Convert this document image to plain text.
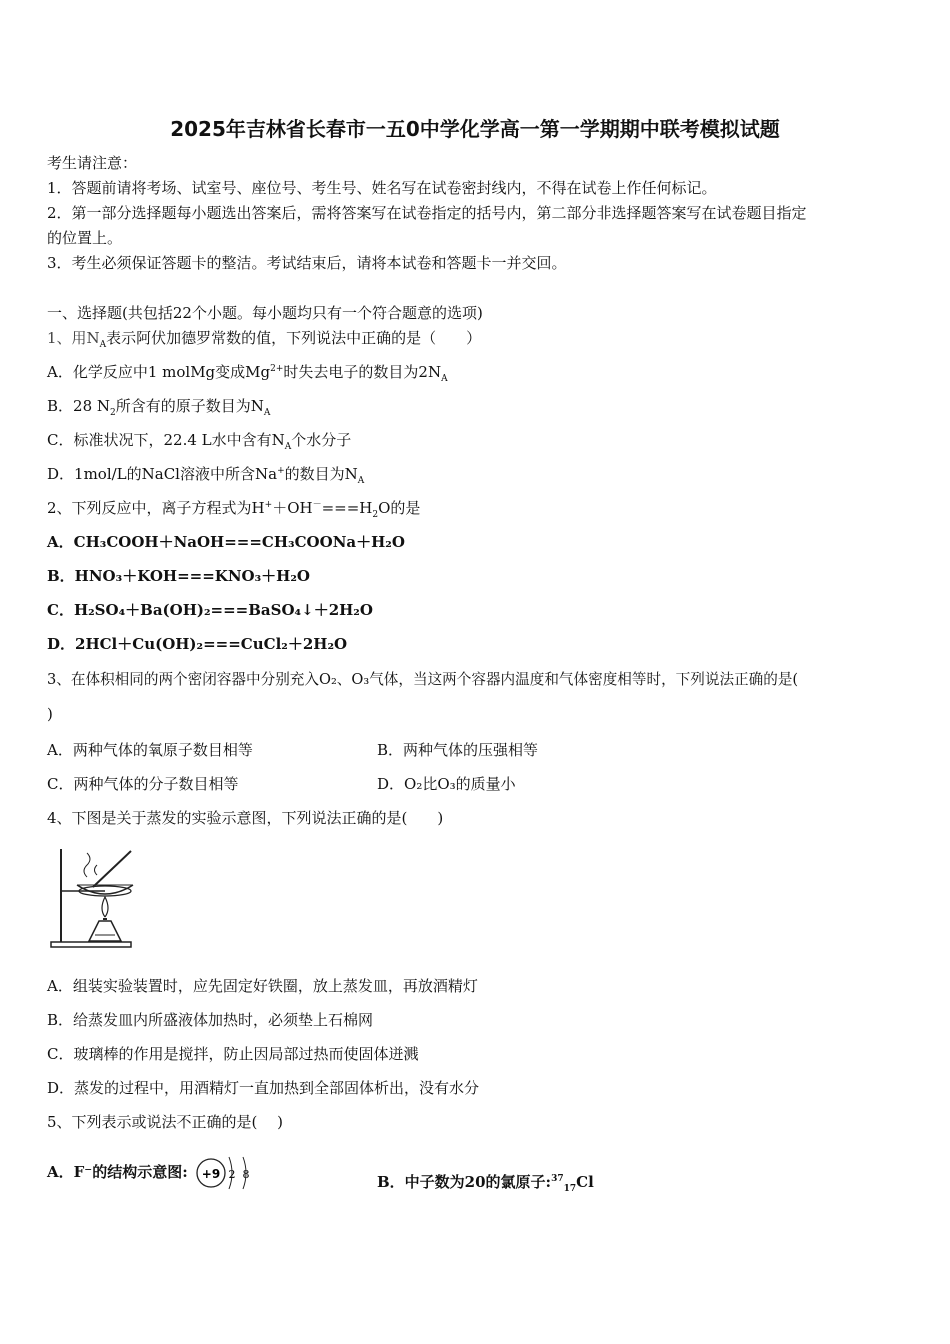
2025年吉林省长春市一五0中学化学高一第一学期期中联考模拟试题
考生请注意：
1．答题前请将考场、试室号、座位号、考生号、姓名写在试卷密封线内，不得在试卷上作任何标记。
2．第一部分选择题每小题选出答案后，需将答案写在试卷指定的括号内，第二部分非选择题答案写在试卷题目指定
的位置上。
3．考生必须保证答题卡的整洁。考试结束后，请将本试卷和答题卡一并交回。
一、选择题(共包括22个小题。每小题均只有一个符合题意的选项)
1、用$N_A$表示阿伏加德罗常数的值，下列说法中正确的是（　　）
A．化学反应中1 molMg变成$Mg^{2+}$时失去电子的数目为$2N_A$
B．28 $N_2$所含有的原子数目为$N_A$
C．标准状况下，22.4 L水中含有$N_A$个水分子
D．1mol/L的NaCl溶液中所含Na+的数目为$N_A$
2、下列反应中，离子方程式为$H^++OH^-===H_2O$的是
A．CH₃COOH＋NaOH===CH₃COONa＋H₂O
B．HNO₃＋KOH===KNO₃＋H₂O
C．H₂SO₄＋Ba(OH)₂===BaSO₄↓＋2H₂O
D．2HCl＋Cu(OH)₂===CuCl₂＋2H₂O
3、在体积相同的两个密闭容器中分别充入O₂、O₃气体，当这两个容器内温度和气体密度相等时，下列说法正确的是(
)
A．两种气体的氧原子数目相等	B．两种气体的压强相等
C．两种气体的分子数目相等	D．O₂比O₃的质量小
4、下图是关于蒸发的实验示意图，下列说法正确的是(　　)
A．组装实验装置时，应先固定好铁圈，放上蒸发皿，再放酒精灯
B．给蒸发皿内所盛液体加热时，必须垫上石棉网
C．玻璃棒的作用是搅拌，防止因局部过热而使固体迸溅
D．蒸发的过程中，用酒精灯一直加热到全部固体析出，没有水分
5、下列表示或说法不正确的是(　 )
A．F⁻的结构示意图: +9 2 8	B．中子数为20的氯原子:$^{37}_{17}$Cl
